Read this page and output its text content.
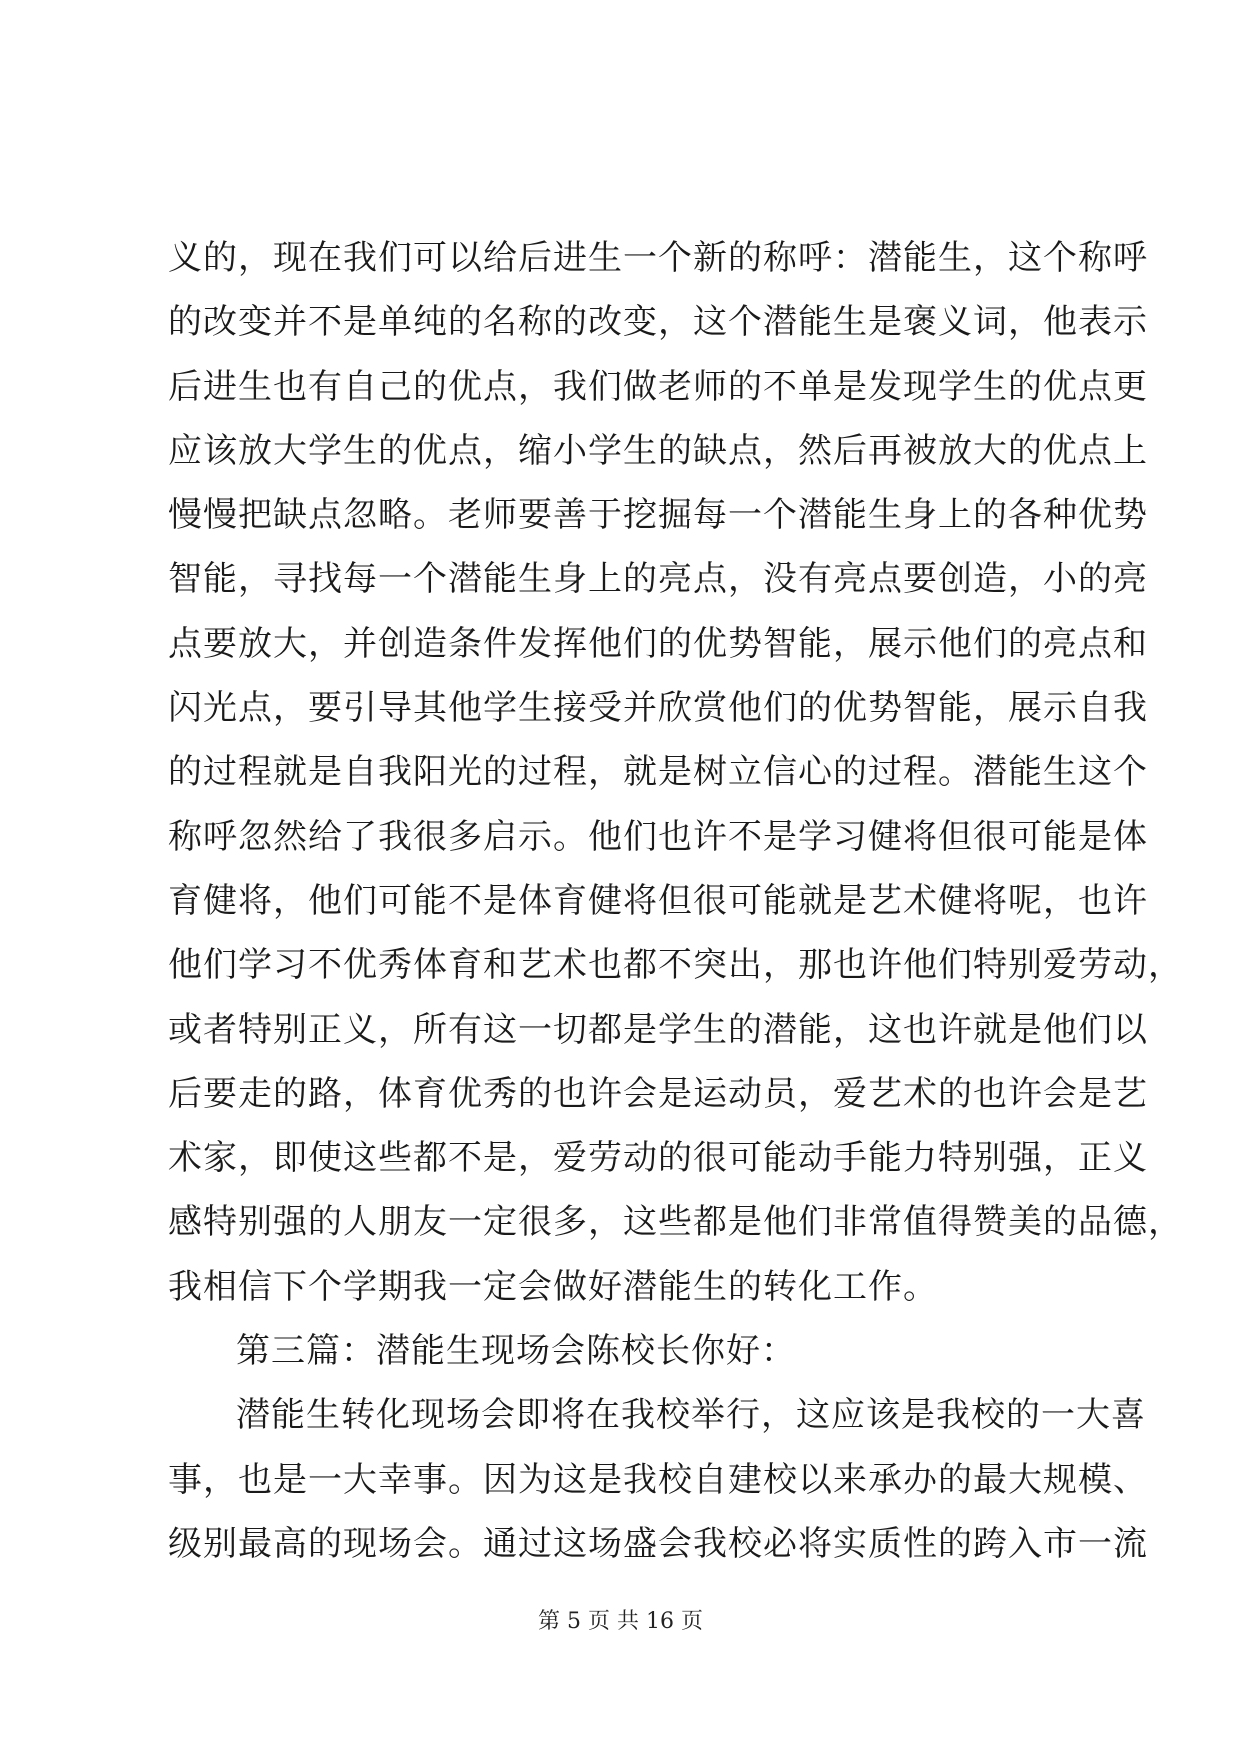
义的，现在我们可以给后进生一个新的称呼：潜能生，这个称呼
的改变并不是单纯的名称的改变，这个潜能生是褒义词，他表示
后进生也有自己的优点，我们做老师的不单是发现学生的优点更
应该放大学生的优点，缩小学生的缺点，然后再被放大的优点上
慢慢把缺点忽略。老师要善于挖掘每一个潜能生身上的各种优势
智能，寻找每一个潜能生身上的亮点，没有亮点要创造，小的亮
点要放大，并创造条件发挥他们的优势智能，展示他们的亮点和
闪光点，要引导其他学生接受并欣赏他们的优势智能，展示自我
的过程就是自我阳光的过程，就是树立信心的过程。潜能生这个
称呼忽然给了我很多启示。他们也许不是学习健将但很可能是体
育健将，他们可能不是体育健将但很可能就是艺术健将呢，也许
他们学习不优秀体育和艺术也都不突出，那也许他们特别爱劳动，
或者特别正义，所有这一切都是学生的潜能，这也许就是他们以
后要走的路，体育优秀的也许会是运动员，爱艺术的也许会是艺
术家，即使这些都不是，爱劳动的很可能动手能力特别强，正义
感特别强的人朋友一定很多，这些都是他们非常值得赞美的品德，
我相信下个学期我一定会做好潜能生的转化工作。
第三篇：潜能生现场会陈校长你好：
潜能生转化现场会即将在我校举行，这应该是我校的一大喜
事，也是一大幸事。因为这是我校自建校以来承办的最大规模、
级别最高的现场会。通过这场盛会我校必将实质性的跨入市一流
第 5 页 共 16 页
